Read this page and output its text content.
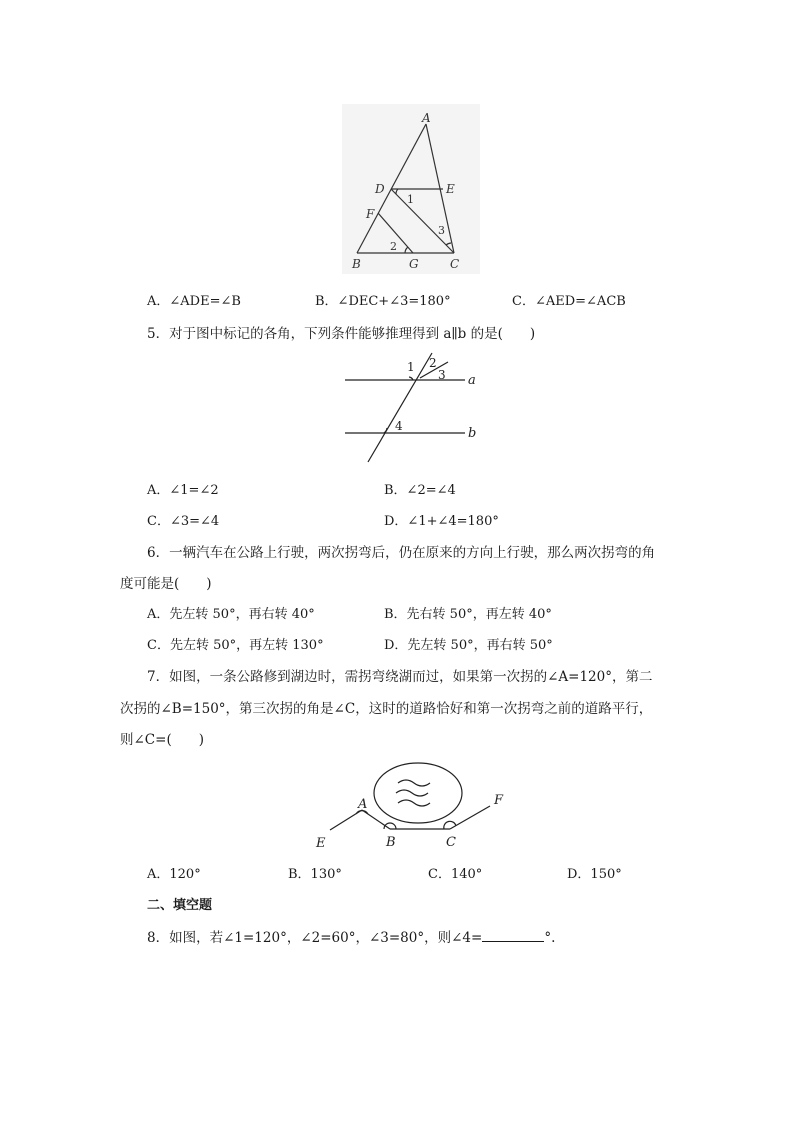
A
D	E
F
B	G	C
1
2
3
A．∠ADE=∠B	B．∠DEC+∠3=180°	C．∠AED=∠ACB
5．对于图中标记的各角，下列条件能够推理得到 a∥b 的是(　　)
1 2
3
4
a
b
A．∠1=∠2	B．∠2=∠4
C．∠3=∠4	D．∠1+∠4=180°
6．一辆汽车在公路上行驶，两次拐弯后，仍在原来的方向上行驶，那么两次拐弯的角
度可能是(　　)
A．先左转 50°，再右转 40°	B．先右转 50°，再左转 40°
C．先左转 50°，再左转 130°	D．先左转 50°，再右转 50°
7．如图，一条公路修到湖边时，需拐弯绕湖而过，如果第一次拐的∠A=120°，第二
次拐的∠B=150°，第三次拐的角是∠C，这时的道路恰好和第一次拐弯之前的道路平行，
则∠C=(　　)
A
B	C
E
F
A．120°	B．130°	C．140°	D．150°
二、填空题
8．如图，若∠1=120°，∠2=60°，∠3=80°，则∠4=	°.
